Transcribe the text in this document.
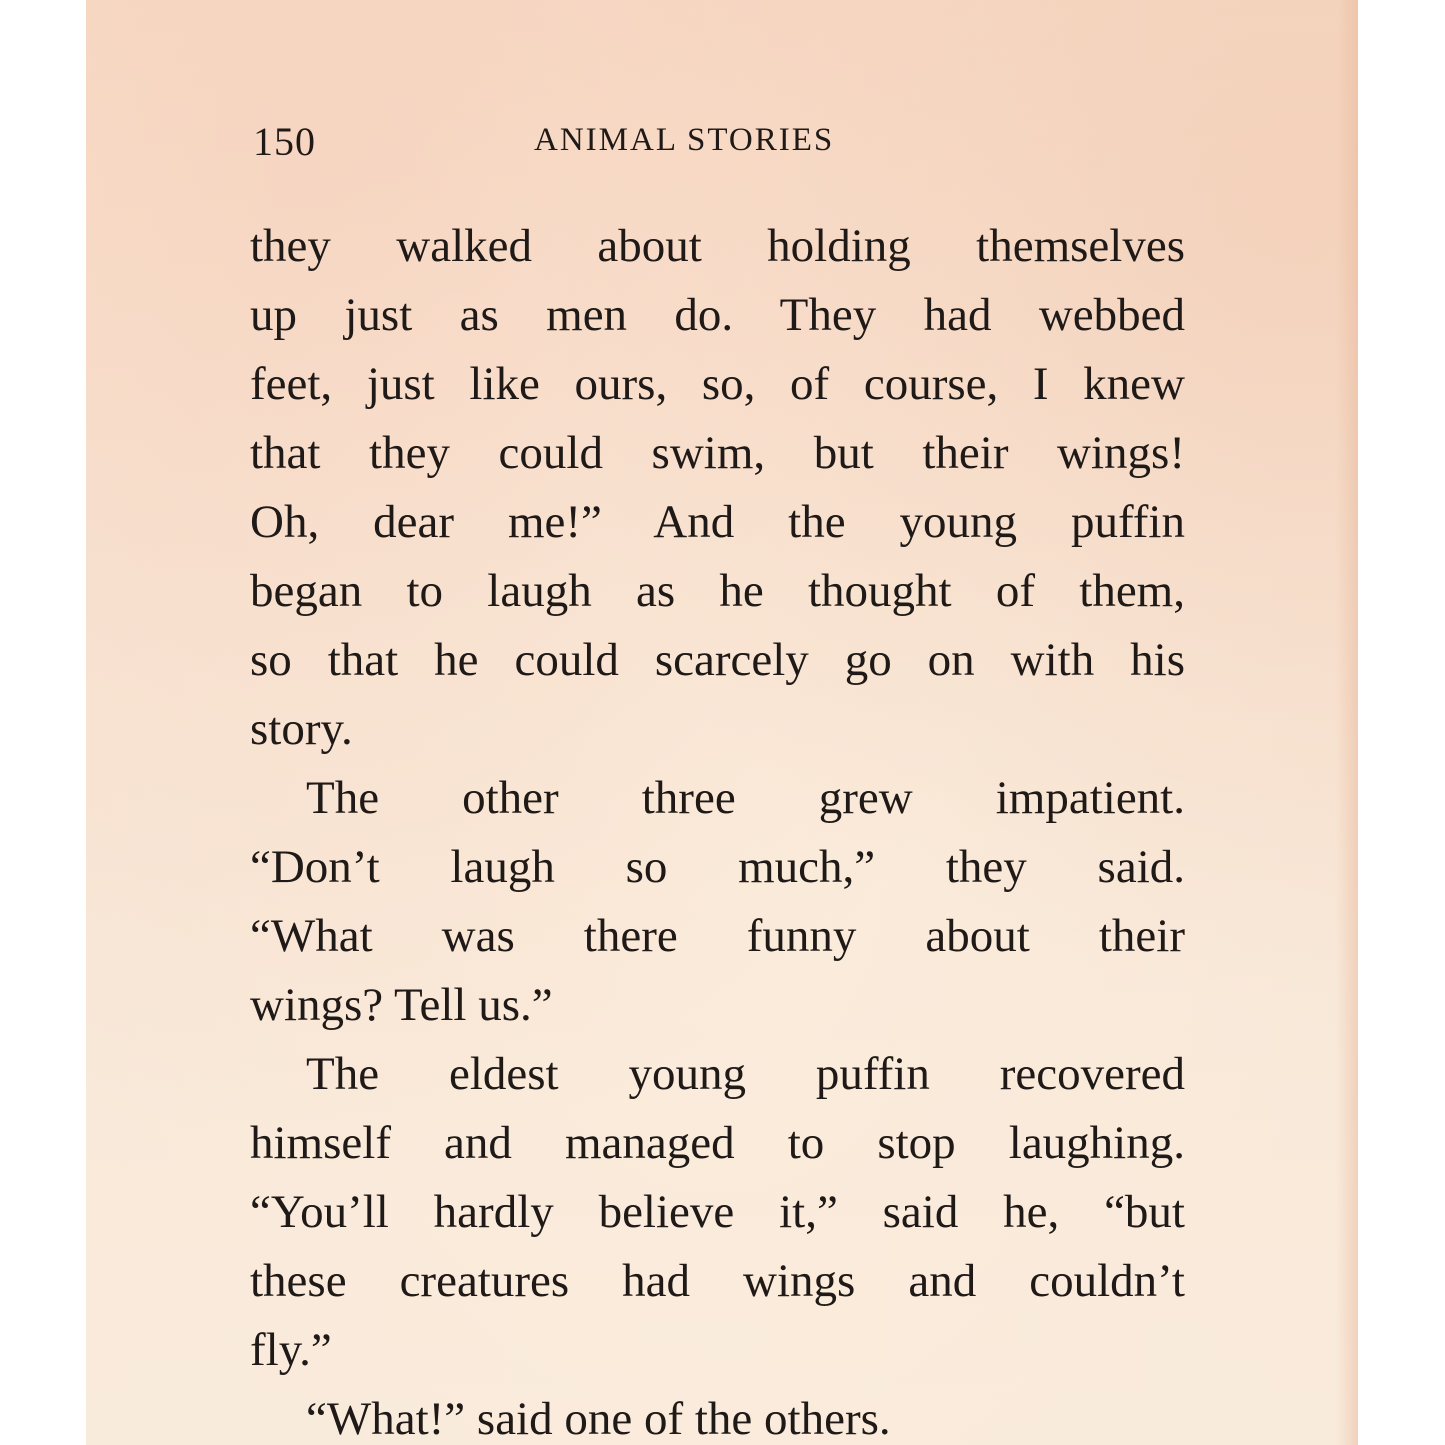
150	ANIMAL STORIES
they walked about holding themselves
up just as men do. They had webbed
feet, just like ours, so, of course, I knew
that they could swim, but their wings!
Oh, dear me!” And the young puffin
began to laugh as he thought of them,
so that he could scarcely go on with his
story.
The other three grew impatient.
“Don’t laugh so much,” they said.
“What was there funny about their
wings? Tell us.”
The eldest young puffin recovered
himself and managed to stop laughing.
“You’ll hardly believe it,” said he, “but
these creatures had wings and couldn’t
fly.”
“What!” said one of the others.
